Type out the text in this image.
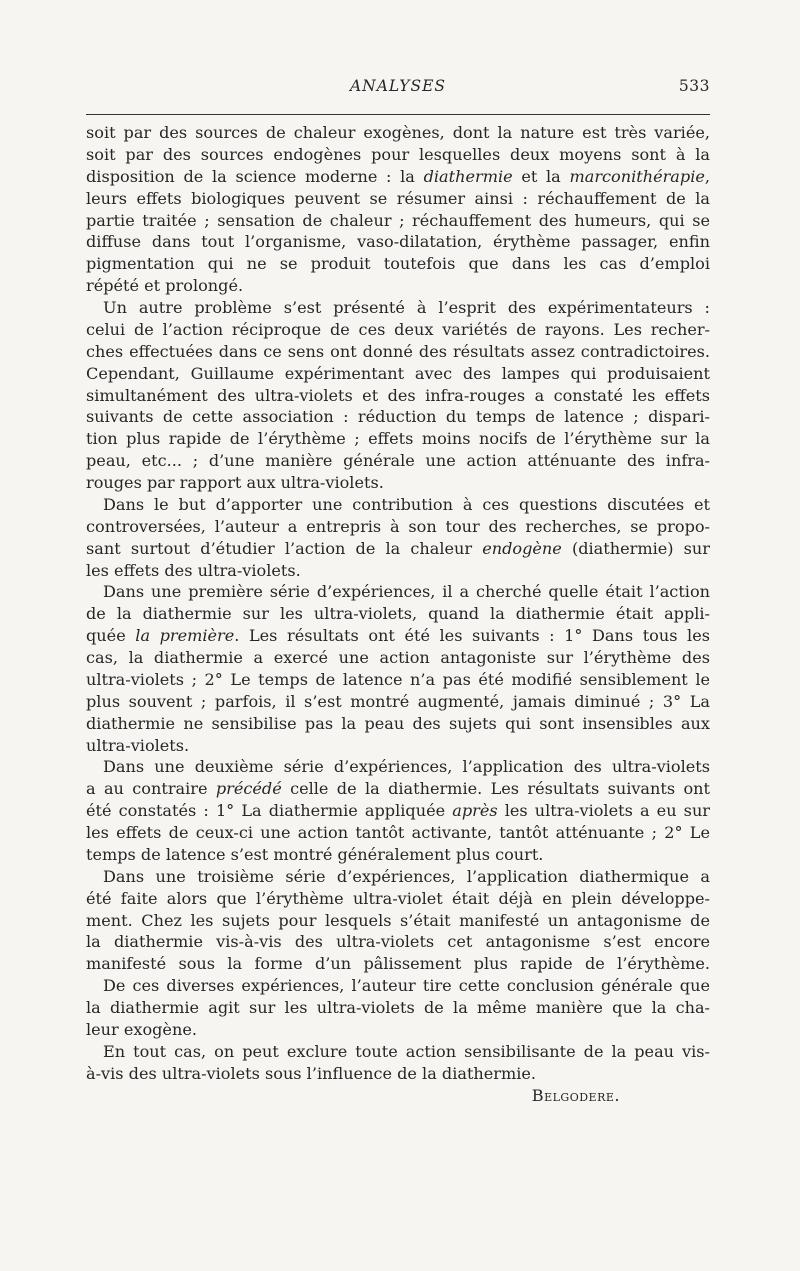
ANALYSES	533
soit par des sources de chaleur exogènes, dont la nature est très variée,
soit par des sources endogènes pour lesquelles deux moyens sont à la
disposition de la science moderne : la diathermie et la marconithérapie,
leurs effets biologiques peuvent se résumer ainsi : réchauffement de la
partie traitée ; sensation de chaleur ; réchauffement des humeurs, qui se
diffuse dans tout l’organisme, vaso-dilatation, érythème passager, enfin
pigmentation qui ne se produit toutefois que dans les cas d’emploi
répété et prolongé.
Un autre problème s’est présenté à l’esprit des expérimentateurs :
celui de l’action réciproque de ces deux variétés de rayons. Les recher-
ches effectuées dans ce sens ont donné des résultats assez contradictoires.
Cependant, Guillaume expérimentant avec des lampes qui produisaient
simultanément des ultra-violets et des infra-rouges a constaté les effets
suivants de cette association : réduction du temps de latence ; dispari-
tion plus rapide de l’érythème ; effets moins nocifs de l’érythème sur la
peau, etc... ; d’une manière générale une action atténuante des infra-
rouges par rapport aux ultra-violets.
Dans le but d’apporter une contribution à ces questions discutées et
controversées, l’auteur a entrepris à son tour des recherches, se propo-
sant surtout d’étudier l’action de la chaleur endogène (diathermie) sur
les effets des ultra-violets.
Dans une première série d’expériences, il a cherché quelle était l’action
de la diathermie sur les ultra-violets, quand la diathermie était appli-
quée la première. Les résultats ont été les suivants : 1° Dans tous les
cas, la diathermie a exercé une action antagoniste sur l’érythème des
ultra-violets ; 2° Le temps de latence n’a pas été modifié sensiblement le
plus souvent ; parfois, il s’est montré augmenté, jamais diminué ; 3° La
diathermie ne sensibilise pas la peau des sujets qui sont insensibles aux
ultra-violets.
Dans une deuxième série d’expériences, l’application des ultra-violets
a au contraire précédé celle de la diathermie. Les résultats suivants ont
été constatés : 1° La diathermie appliquée après les ultra-violets a eu sur
les effets de ceux-ci une action tantôt activante, tantôt atténuante ; 2° Le
temps de latence s’est montré généralement plus court.
Dans une troisième série d’expériences, l’application diathermique a
été faite alors que l’érythème ultra-violet était déjà en plein développe-
ment. Chez les sujets pour lesquels s’était manifesté un antagonisme de
la diathermie vis-à-vis des ultra-violets cet antagonisme s’est encore
manifesté sous la forme d’un pâlissement plus rapide de l’érythème.
De ces diverses expériences, l’auteur tire cette conclusion générale que
la diathermie agit sur les ultra-violets de la même manière que la cha-
leur exogène.
En tout cas, on peut exclure toute action sensibilisante de la peau vis-
à-vis des ultra-violets sous l’influence de la diathermie.
Belgodere.
